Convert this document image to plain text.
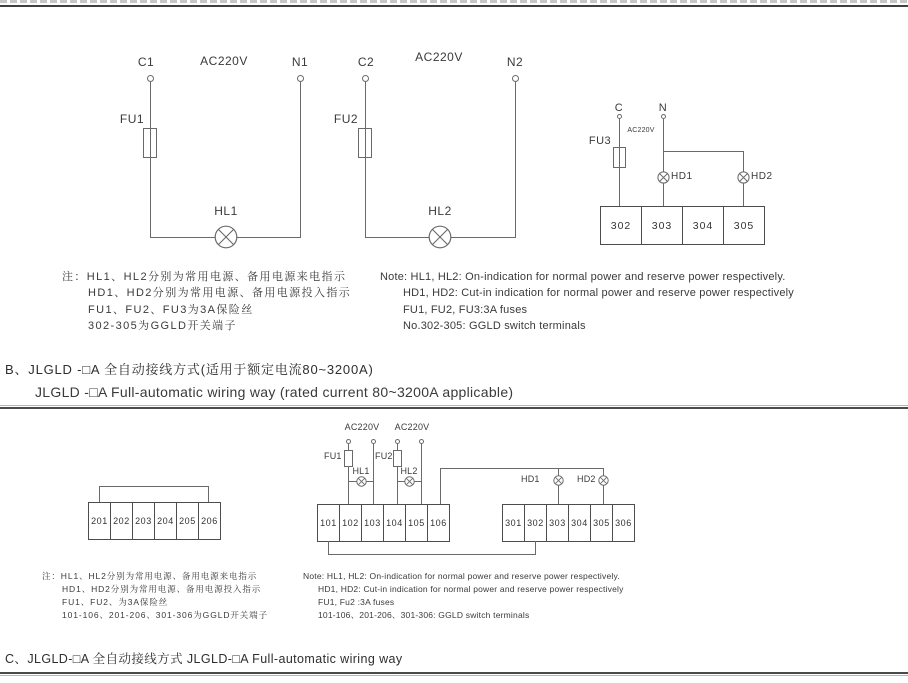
C1	AC220V	N1
FU1
HL1
C2	AC220V	N2
FU2
HL2
C	N
AC220V
FU3
HD1	HD2
302	303	304	305
注：HL1、HL2分别为常用电源、备用电源来电指示
HD1、HD2分别为常用电源、备用电源投入指示
FU1、FU2、FU3为3A保险丝
302-305为GGLD开关端子
Note: HL1, HL2: On-indication for normal power and reserve power respectively.
HD1, HD2: Cut-in indication for normal power and reserve power respectively
FU1, FU2, FU3:3A fuses
No.302-305: GGLD switch terminals
B、JLGLD -□A 全自动接线方式(适用于额定电流80~3200A)
JLGLD -□A Full-automatic wiring way (rated current 80~3200A applicable)
AC220V AC220V
FU1	FU2
HL1	HL2
HD1	HD2
201 202 203 204 205 206	101 102 103 104 105 106	301 302 303 304 305 306
注：HL1、HL2分别为常用电源、备用电源来电指示
HD1、HD2分别为常用电源、备用电源投入指示
FU1、FU2、为3A保险丝
101-106、201-206、301-306为GGLD开关端子
Note: HL1, HL2: On-indication for normal power and reserve power respectively.
HD1, HD2: Cut-in indication for normal power and reserve power respectively
FU1, Fu2 :3A fuses
101-106、201-206、301-306: GGLD switch terminals
C、JLGLD-□A 全自动接线方式 JLGLD-□A Full-automatic wiring way
